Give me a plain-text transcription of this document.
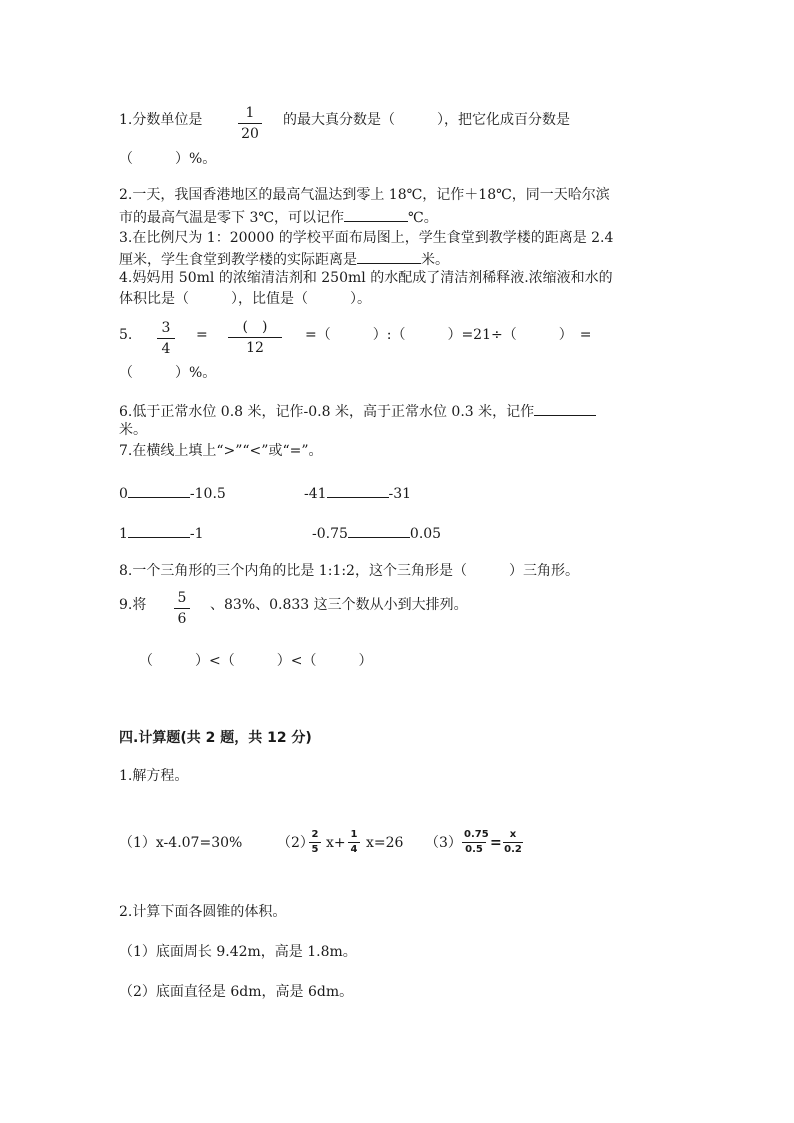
1.分数单位是	$\frac{1}{20}$ 的最大真分数是（　　　），把它化成百分数是
（　　　）%。
2.一天，我国香港地区的最高气温达到零上 18℃，记作＋18℃，同一天哈尔滨
市的最高气温是零下 3℃，可以记作	℃。
3.在比例尺为 1：20000 的学校平面布局图上，学生食堂到教学楼的距离是 2.4
厘米，学生食堂到教学楼的实际距离是	米。
4.妈妈用 50ml 的浓缩清洁剂和 250ml 的水配成了清洁剂稀释液.浓缩液和水的
体积比是（　　　），比值是（　　　）。
5. $\frac{3}{4}$ =	(　)
12
=（　　　）:（　　　）=21÷（　　　）　=
（　　　）%。
6.低于正常水位 0.8 米，记作-0.8 米，高于正常水位 0.3 米，记作
米。
7.在横线上填上“>”“<”或“=”。
0	-10.5	-41	-31
1	-1	-0.75	0.05
8.一个三角形的三个内角的比是 1:1:2，这个三角形是（　　　）三角形。
9.将 $\frac{5}{6}$ 、83%、0.833 这三个数从小到大排列。
（　　　）<（　　　）<（　　　）
四.计算题(共 2 题，共 12 分)
1.解方程。
（1）x-4.07=30% （2）
$\frac{2}{5} x+ \frac{1}{4} x=26$ $(3) \frac{0.75}{0.5} = \frac{x}{0.2}$
2.计算下面各圆锥的体积。
（1）底面周长 9.42m，高是 1.8m。
（2）底面直径是 6dm，高是 6dm。
